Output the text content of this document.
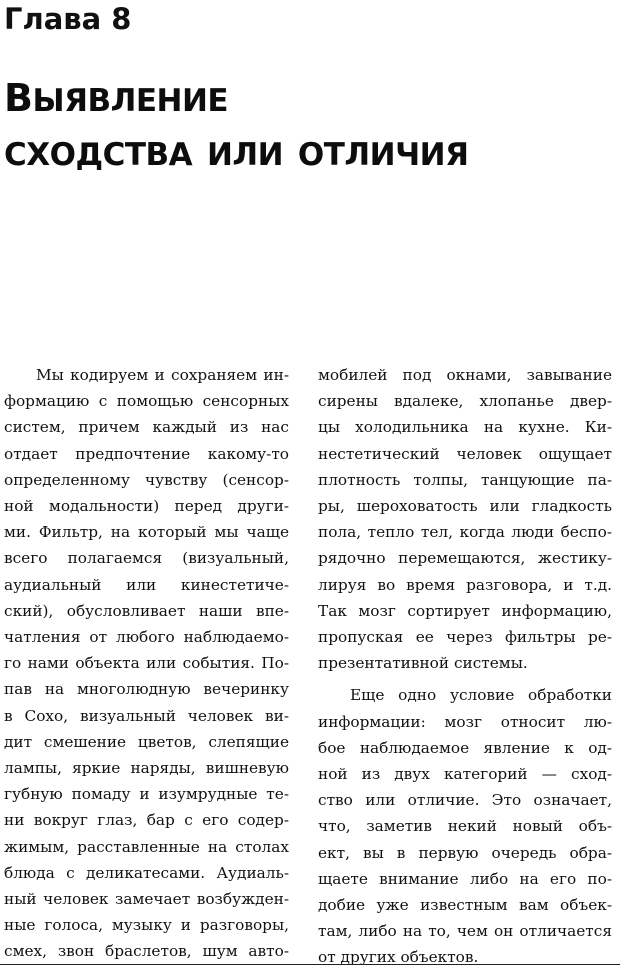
Глава 8
выявление
сходства или отличия
Мы кодируем и сохраняем ин-
формацию с помощью сенсорных
систем, причем каждый из нас
отдает предпочтение какому-то
определенному чувству (сенсор-
ной модальности) перед други-
ми. Фильтр, на который мы чаще
всего полагаемся (визуальный,
аудиальный или кинестетиче-
ский), обусловливает наши впе-
чатления от любого наблюдаемо-
го нами объекта или события. По-
пав на многолюдную вечеринку
в Сохо, визуальный человек ви-
дит смешение цветов, слепящие
лампы, яркие наряды, вишневую
губную помаду и изумрудные те-
ни вокруг глаз, бар с его содер-
жимым, расставленные на столах
блюда с деликатесами. Аудиаль-
ный человек замечает возбужден-
ные голоса, музыку и разговоры,
смех, звон браслетов, шум авто-
мобилей под окнами, завывание
сирены вдалеке, хлопанье двер-
цы холодильника на кухне. Ки-
нестетический человек ощущает
плотность толпы, танцующие па-
ры, шероховатость или гладкость
пола, тепло тел, когда люди беспо-
рядочно перемещаются, жестику-
лируя во время разговора, и т.д.
Так мозг сортирует информацию,
пропуская ее через фильтры ре-
презентативной системы.
Еще одно условие обработки
информации: мозг относит лю-
бое наблюдаемое явление к од-
ной из двух категорий — сход-
ство или отличие. Это означает,
что, заметив некий новый объ-
ект, вы в первую очередь обра-
щаете внимание либо на его по-
добие уже известным вам объек-
там, либо на то, чем он отличается
от других объектов.
